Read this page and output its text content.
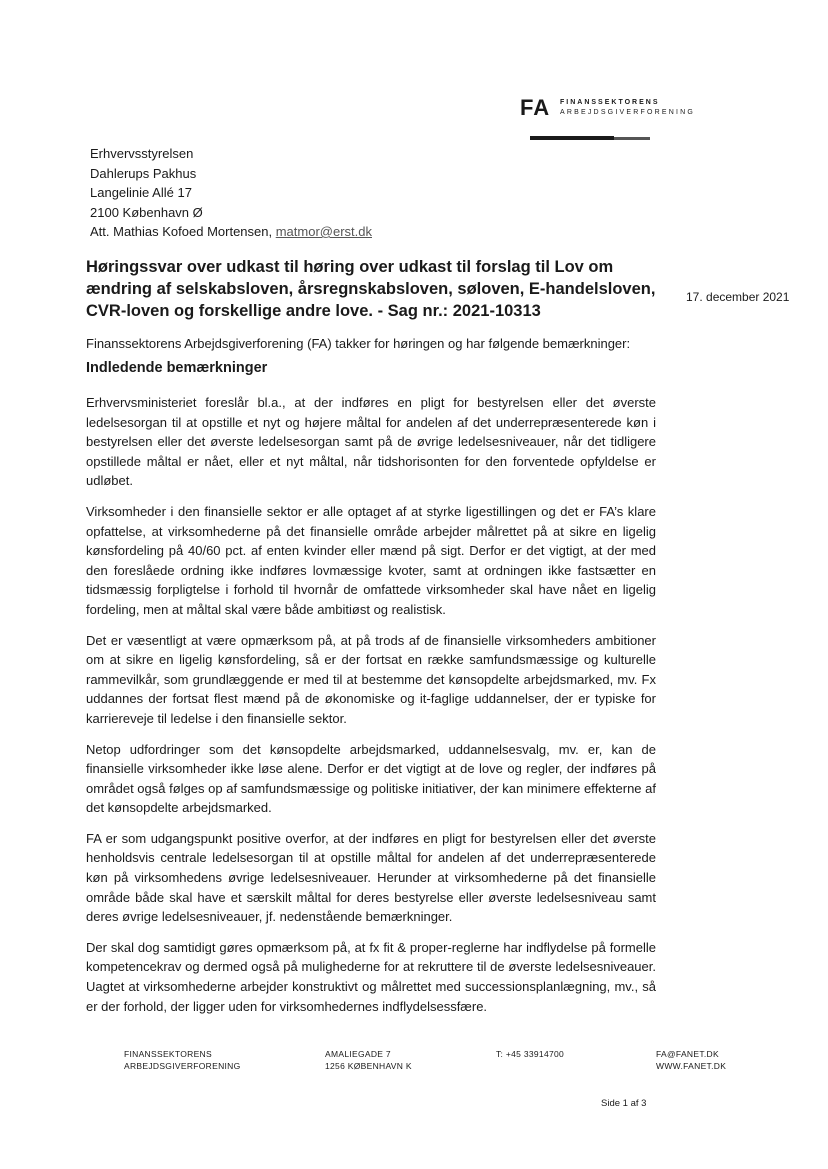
FA FINANSSEKTORENS
ARBEJDSGIVERFORENING
Erhvervsstyrelsen
Dahlerups Pakhus
Langelinie Allé 17
2100 København Ø
Att. Mathias Kofoed Mortensen, matmor@erst.dk
Høringssvar over udkast til høring over udkast til forslag til Lov om ændring af selskabsloven, årsregnskabsloven, søloven, E-handelsloven, CVR-loven og forskellige andre love. - Sag nr.: 2021-10313
17. december 2021
Finanssektorens Arbejdsgiverforening (FA) takker for høringen og har følgende bemærkninger:
Indledende bemærkninger

Erhvervsministeriet foreslår bl.a., at der indføres en pligt for bestyrelsen eller det øverste ledelsesorgan til at opstille et nyt og højere måltal for andelen af det underrepræsenterede køn i bestyrelsen eller det øverste ledelsesorgan samt på de øvrige ledelsesniveauer, når det tidligere opstillede måltal er nået, eller et nyt måltal, når tidshorisonten for den forventede opfyldelse er udløbet.

Virksomheder i den finansielle sektor er alle optaget af at styrke ligestillingen og det er FA’s klare opfattelse, at virksomhederne på det finansielle område arbejder målrettet på at sikre en ligelig kønsfordeling på 40/60 pct. af enten kvinder eller mænd på sigt. Derfor er det vigtigt, at der med den foreslåede ordning ikke indføres lovmæssige kvoter, samt at ordningen ikke fastsætter en tidsmæssig forpligtelse i forhold til hvornår de omfattede virksomheder skal have nået en ligelig fordeling, men at måltal skal være både ambitiøst og realistisk.

Det er væsentligt at være opmærksom på, at på trods af de finansielle virksomheders ambitioner om at sikre en ligelig kønsfordeling, så er der fortsat en række samfundsmæssige og kulturelle rammevilkår, som grundlæggende er med til at bestemme det kønsopdelte arbejdsmarked, mv. Fx uddannes der fortsat flest mænd på de økonomiske og it-faglige uddannelser, der er typiske for karriereveje til ledelse i den finansielle sektor.

Netop udfordringer som det kønsopdelte arbejdsmarked, uddannelsesvalg, mv. er, kan de finansielle virksomheder ikke løse alene. Derfor er det vigtigt at de love og regler, der indføres på området også følges op af samfundsmæssige og politiske initiativer, der kan minimere effekterne af det kønsopdelte arbejdsmarked.

FA er som udgangspunkt positive overfor, at der indføres en pligt for bestyrelsen eller det øverste henholdsvis centrale ledelsesorgan til at opstille måltal for andelen af det underrepræsenterede køn på virksomhedens øvrige ledelsesniveauer. Herunder at virksomhederne på det finansielle område både skal have et særskilt måltal for deres bestyrelse eller øverste ledelsesniveau samt deres øvrige ledelsesniveauer, jf. nedenstående bemærkninger.

Der skal dog samtidigt gøres opmærksom på, at fx fit & proper-reglerne har indflydelse på formelle kompetencekrav og dermed også på mulighederne for at rekruttere til de øverste ledelsesniveauer. Uagtet at virksomhederne arbejder konstruktivt og målrettet med successionsplanlægning, mv., så er der forhold, der ligger uden for virksomhedernes indflydelsessfære.

FINANSSEKTORENS
ARBEJDSGIVERFORENING
AMALIEGADE 7
1256 KØBENHAVN K
T: +45 33914700	FA@FANET.DK
WWW.FANET.DK
Side 1 af 3
